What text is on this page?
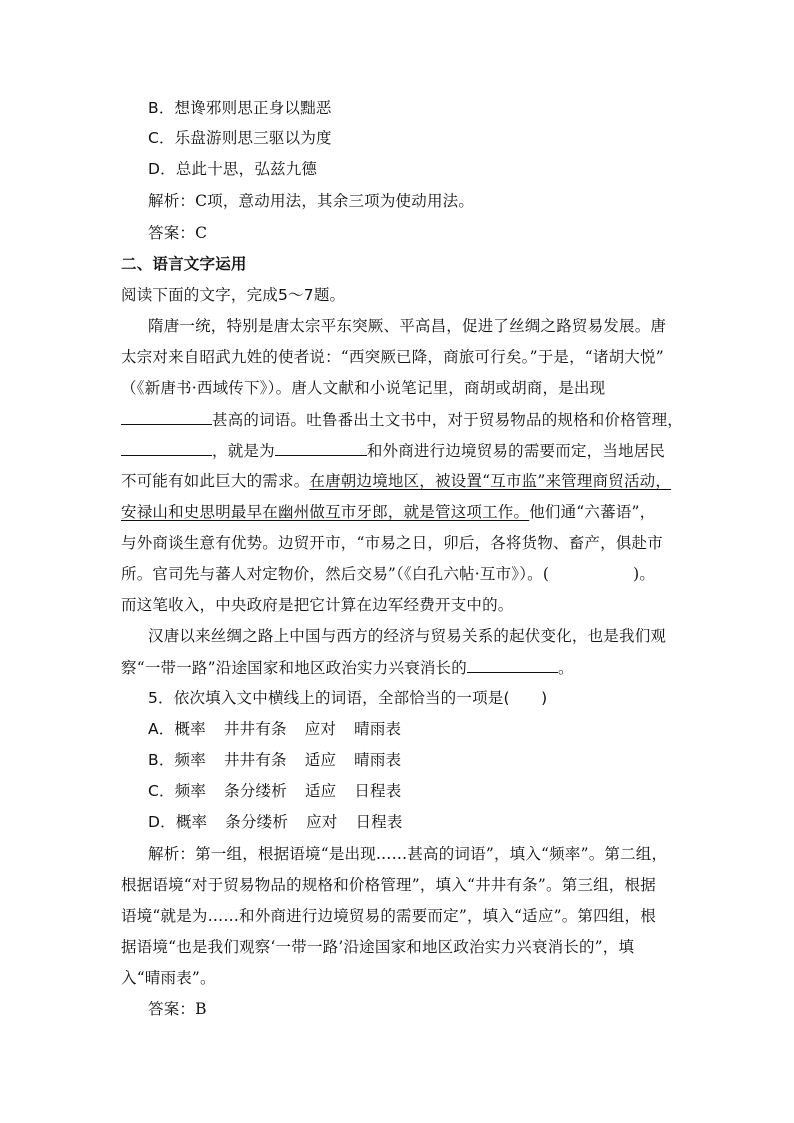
B．想谗邪则思正身以黜恶
C．乐盘游则思三驱以为度
D．总此十思，弘兹九德
解析：C项，意动用法，其余三项为使动用法。
答案：C
二、语言文字运用
阅读下面的文字，完成5～7题。
隋唐一统，特别是唐太宗平东突厥、平高昌，促进了丝绸之路贸易发展。唐
太宗对来自昭武九姓的使者说：“西突厥已降，商旅可行矣。”于是，“诸胡大悦”
（《新唐书·西域传下》）。唐人文献和小说笔记里，商胡或胡商，是出现
甚高的词语。吐鲁番出土文书中，对于贸易物品的规格和价格管理，
，就是为	和外商进行边境贸易的需要而定，当地居民
不可能有如此巨大的需求。在唐朝边境地区，被设置“互市监”来管理商贸活动，
安禄山和史思明最早在幽州做互市牙郎，就是管这项工作。他们通“六蕃语”，
与外商谈生意有优势。边贸开市，“市易之日，卯后，各将货物、畜产，俱赴市
所。官司先与蕃人对定物价，然后交易”（《白孔六帖·互市》）。(	)。
而这笔收入，中央政府是把它计算在边军经费开支中的。
汉唐以来丝绸之路上中国与西方的经济与贸易关系的起伏变化，也是我们观
察“一带一路”沿途国家和地区政治实力兴衰消长的	。
5．依次填入文中横线上的词语，全部恰当的一项是(　　)
A．概率 井井有条 应对 晴雨表
B．频率 井井有条 适应 晴雨表
C．频率 条分缕析 适应 日程表
D．概率 条分缕析 应对 日程表
解析：第一组，根据语境“是出现……甚高的词语”，填入“频率”。第二组，
根据语境“对于贸易物品的规格和价格管理”，填入“井井有条”。第三组，根据
语境“就是为……和外商进行边境贸易的需要而定”，填入“适应”。第四组，根
据语境“也是我们观察‘一带一路’沿途国家和地区政治实力兴衰消长的”，填
入“晴雨表”。
答案：B
